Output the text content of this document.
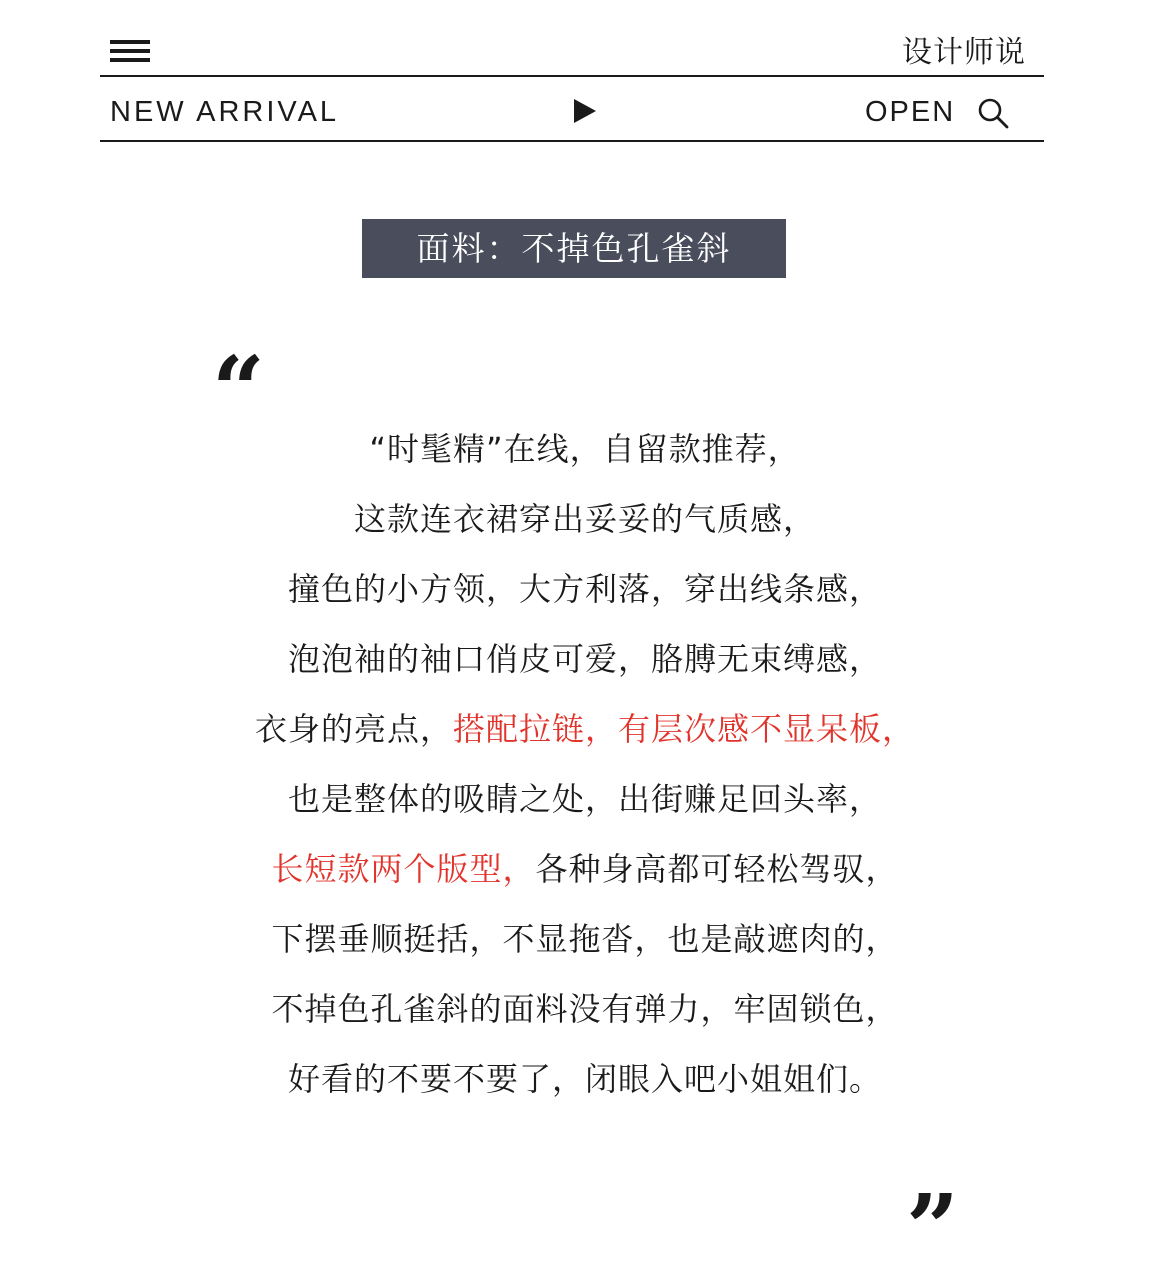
设计师说
NEW ARRIVAL	OPEN
面料：不掉色孔雀斜
“
“时髦精”在线，自留款推荐，
这款连衣裙穿出妥妥的气质感，
撞色的小方领，大方利落，穿出线条感，
泡泡袖的袖口俏皮可爱，胳膊无束缚感，
衣身的亮点，搭配拉链，有层次感不显呆板，
也是整体的吸睛之处，出街赚足回头率，
长短款两个版型，各种身高都可轻松驾驭，
下摆垂顺挺括，不显拖沓，也是敲遮肉的，
不掉色孔雀斜的面料没有弹力，牢固锁色，
好看的不要不要了，闭眼入吧小姐姐们。
”
